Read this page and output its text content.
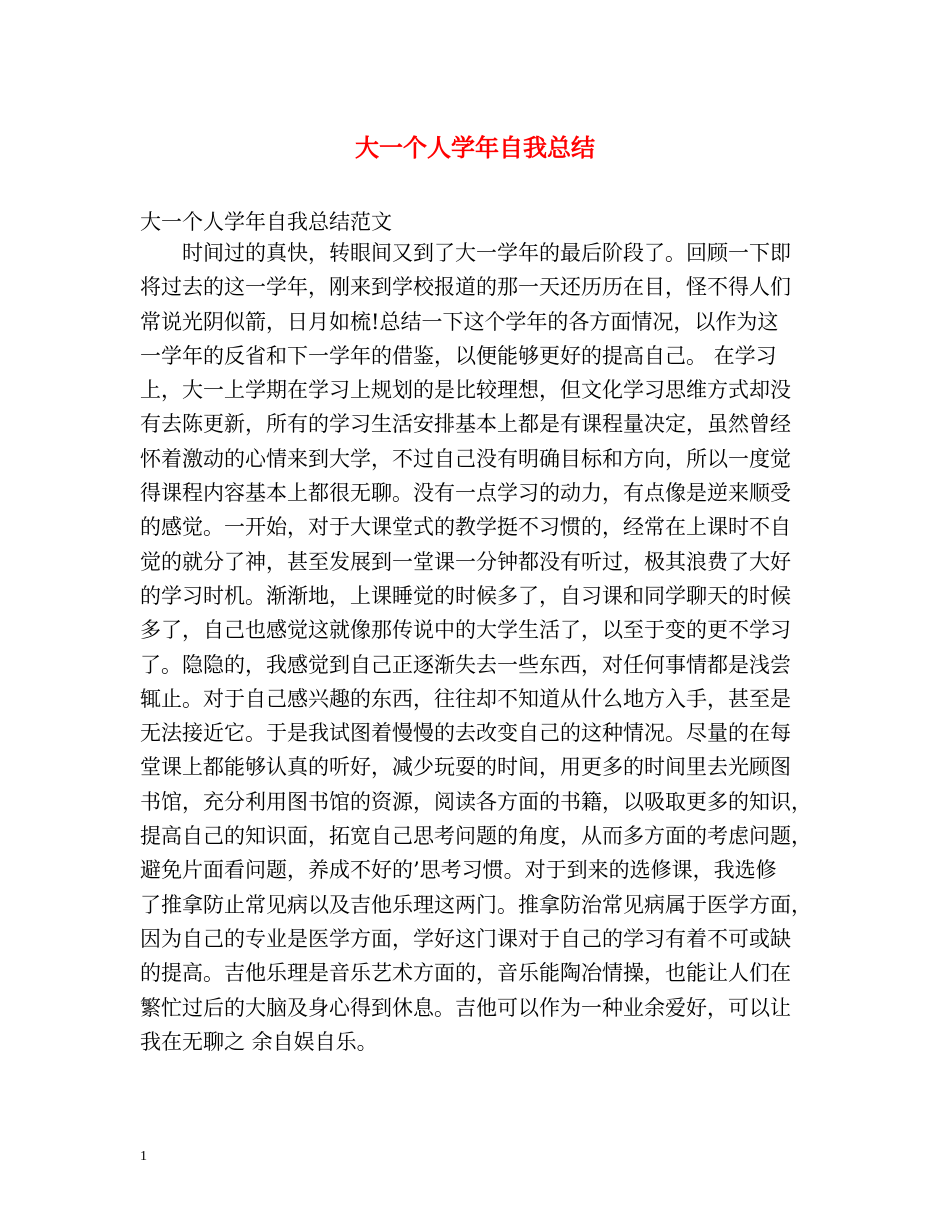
大一个人学年自我总结

大一个人学年自我总结范文

时间过的真快，转眼间又到了大一学年的最后阶段了。回顾一下即
将过去的这一学年，刚来到学校报道的那一天还历历在目，怪不得人们
常说光阴似箭，日月如梳!总结一下这个学年的各方面情况，以作为这
一学年的反省和下一学年的借鉴，以便能够更好的提高自己。 在学习
上，大一上学期在学习上规划的是比较理想，但文化学习思维方式却没
有去陈更新，所有的学习生活安排基本上都是有课程量决定，虽然曾经
怀着激动的心情来到大学，不过自己没有明确目标和方向，所以一度觉
得课程内容基本上都很无聊。没有一点学习的动力，有点像是逆来顺受
的感觉。一开始，对于大课堂式的教学挺不习惯的，经常在上课时不自
觉的就分了神，甚至发展到一堂课一分钟都没有听过，极其浪费了大好
的学习时机。渐渐地，上课睡觉的时候多了，自习课和同学聊天的时候
多了，自己也感觉这就像那传说中的大学生活了，以至于变的更不学习
了。隐隐的，我感觉到自己正逐渐失去一些东西，对任何事情都是浅尝
辄止。对于自己感兴趣的东西，往往却不知道从什么地方入手，甚至是
无法接近它。于是我试图着慢慢的去改变自己的这种情况。尽量的在每
堂课上都能够认真的听好，减少玩耍的时间，用更多的时间里去光顾图
书馆，充分利用图书馆的资源，阅读各方面的书籍，以吸取更多的知识，
提高自己的知识面，拓宽自己思考问题的角度，从而多方面的考虑问题，
避免片面看问题，养成不好的’思考习惯。对于到来的选修课，我选修
了推拿防止常见病以及吉他乐理这两门。推拿防治常见病属于医学方面，
因为自己的专业是医学方面，学好这门课对于自己的学习有着不可或缺
的提高。吉他乐理是音乐艺术方面的，音乐能陶冶情操，也能让人们在
繁忙过后的大脑及身心得到休息。吉他可以作为一种业余爱好，可以让
我在无聊之 余自娱自乐。
1
